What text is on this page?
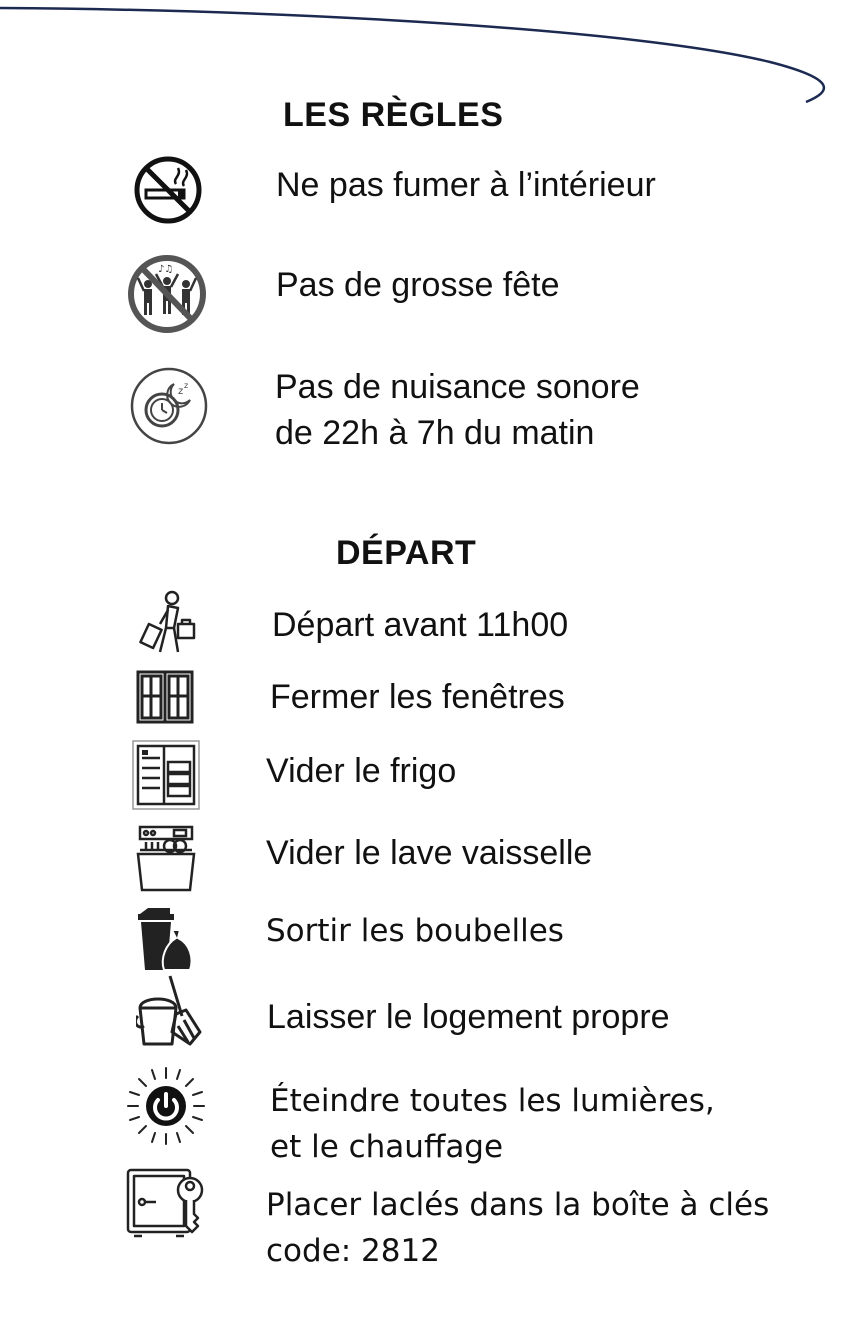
LES RÈGLES
Ne pas fumer à l’intérieur
♪♫	Pas de grosse fête
z
z	Pas de nuisance sonore
de 22h à 7h du matin
DÉPART
Départ avant 11h00
Fermer les fenêtres
Vider le frigo
Vider le lave vaisselle
Sortir les boubelles
Laisser le logement propre
Éteindre toutes les lumières,
et le chauffage
Placer laclés dans la boîte à clés
code: 2812
